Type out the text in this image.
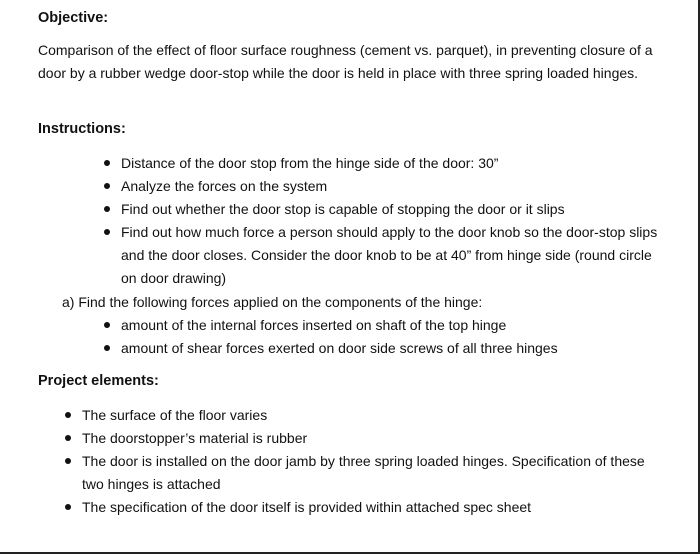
Objective:

Comparison of the effect of floor surface roughness (cement vs. parquet), in preventing closure of a door by a rubber wedge door-stop while the door is held in place with three spring loaded hinges.

Instructions:
Distance of the door stop from the hinge side of the door: 30”
Analyze the forces on the system
Find out whether the door stop is capable of stopping the door or it slips
Find out how much force a person should apply to the door knob so the door-stop slips and the door closes. Consider the door knob to be at 40” from hinge side (round circle on door drawing)
a) Find the following forces applied on the components of the hinge:
amount of the internal forces inserted on shaft of the top hinge
amount of shear forces exerted on door side screws of all three hinges
Project elements:
The surface of the floor varies
The doorstopper’s material is rubber
The door is installed on the door jamb by three spring loaded hinges. Specification of these two hinges is attached
The specification of the door itself is provided within attached spec sheet
